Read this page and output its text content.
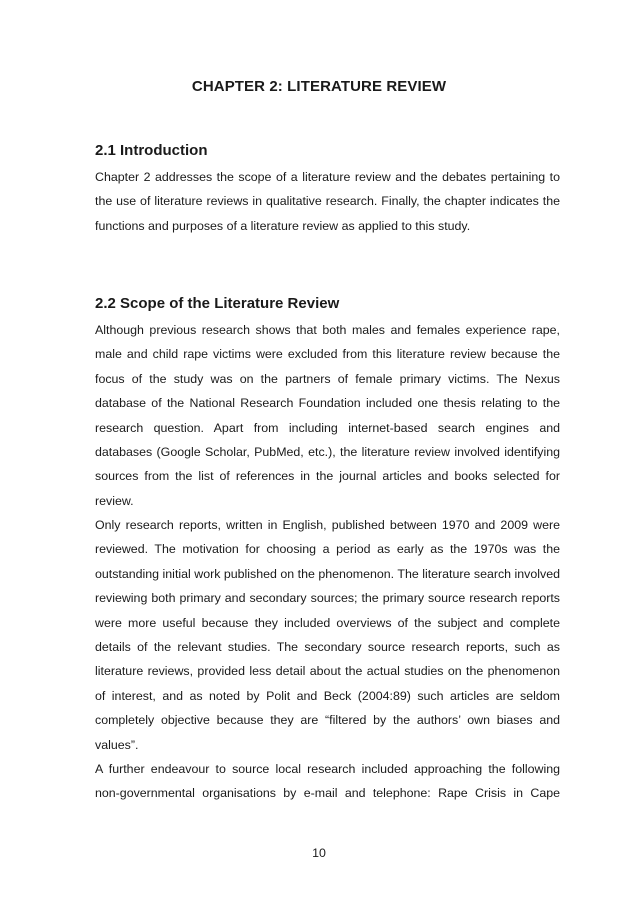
CHAPTER 2: LITERATURE REVIEW
2.1 Introduction

Chapter 2 addresses the scope of a literature review and the debates pertaining to the use of literature reviews in qualitative research. Finally, the chapter indicates the functions and purposes of a literature review as applied to this study.

2.2 Scope of the Literature Review

Although previous research shows that both males and females experience rape, male and child rape victims were excluded from this literature review because the focus of the study was on the partners of female primary victims. The Nexus database of the National Research Foundation included one thesis relating to the research question. Apart from including internet-based search engines and databases (Google Scholar, PubMed, etc.), the literature review involved identifying sources from the list of references in the journal articles and books selected for review.

Only research reports, written in English, published between 1970 and 2009 were reviewed. The motivation for choosing a period as early as the 1970s was the outstanding initial work published on the phenomenon. The literature search involved reviewing both primary and secondary sources; the primary source research reports were more useful because they included overviews of the subject and complete details of the relevant studies. The secondary source research reports, such as literature reviews, provided less detail about the actual studies on the phenomenon of interest, and as noted by Polit and Beck (2004:89) such articles are seldom completely objective because they are “filtered by the authors’ own biases and values”.

A further endeavour to source local research included approaching the following non-governmental organisations by e-mail and telephone: Rape Crisis in Cape

10
